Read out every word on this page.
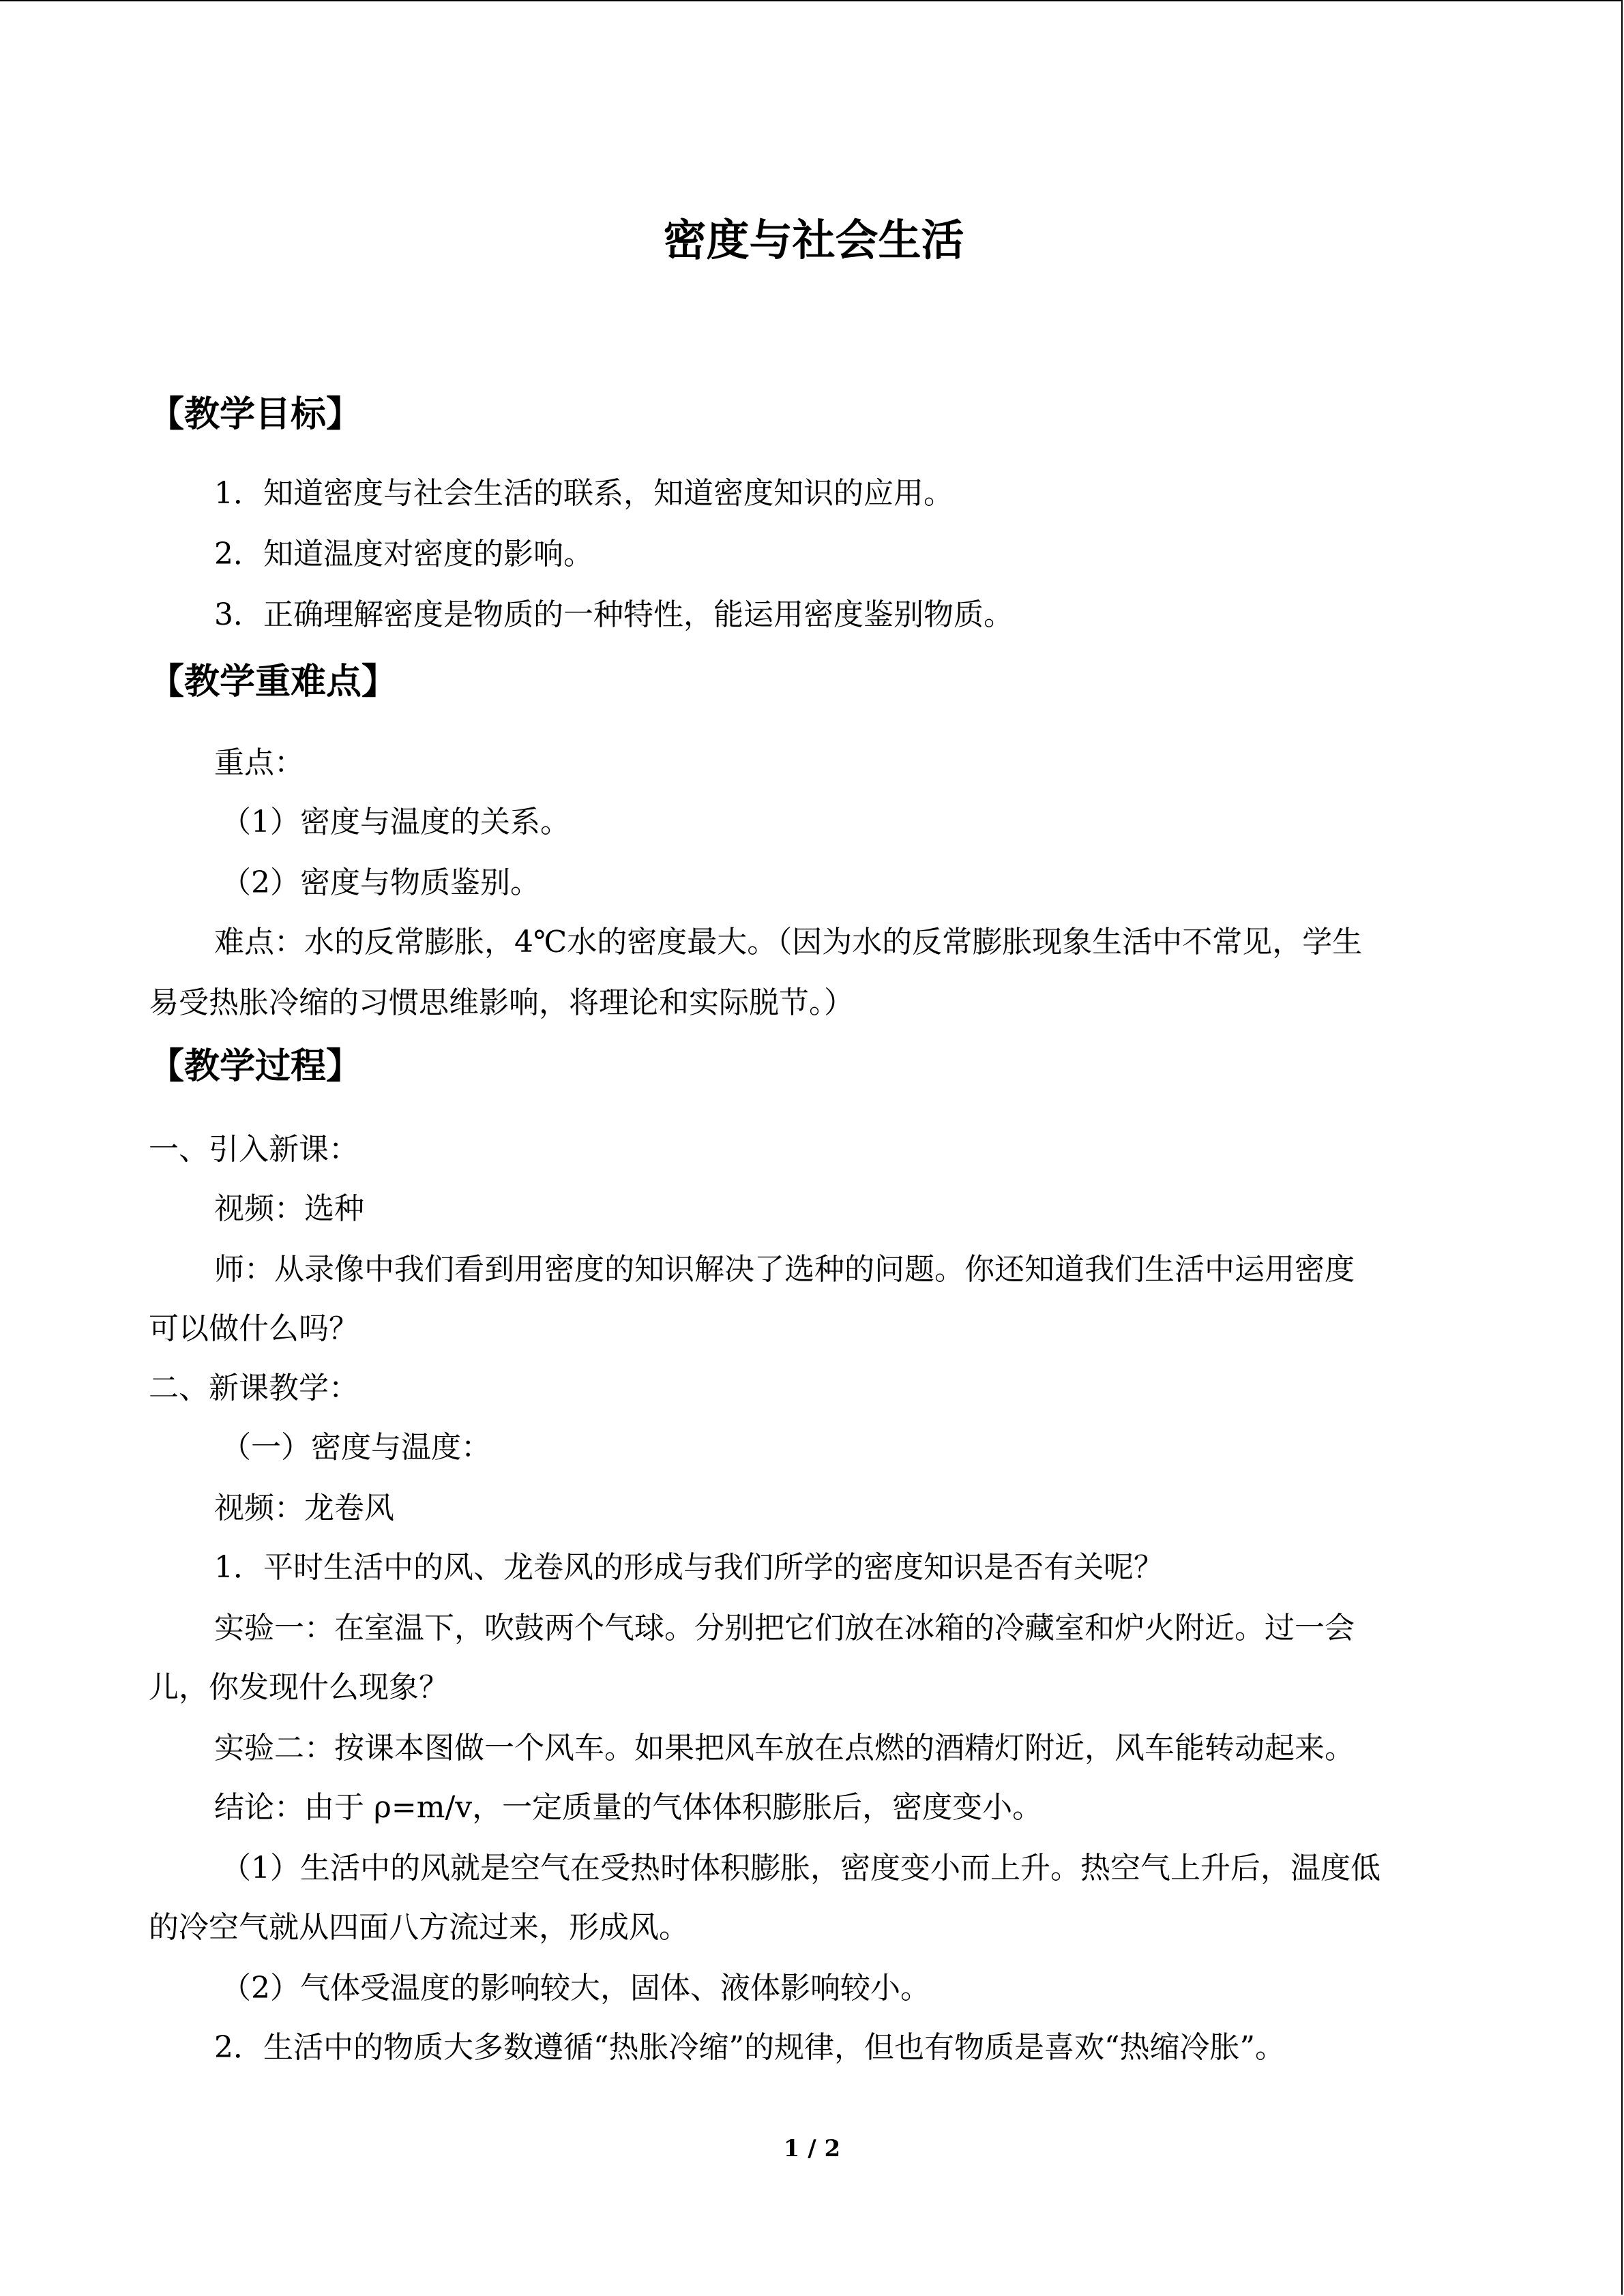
密度与社会生活
【教学目标】
1．知道密度与社会生活的联系，知道密度知识的应用。
2．知道温度对密度的影响。
3．正确理解密度是物质的一种特性，能运用密度鉴别物质。
【教学重难点】
重点：
（1）密度与温度的关系。
（2）密度与物质鉴别。
难点：水的反常膨胀，4℃水的密度最大。（因为水的反常膨胀现象生活中不常见，学生
易受热胀冷缩的习惯思维影响，将理论和实际脱节。）
【教学过程】
一、引入新课：
视频：选种
师：从录像中我们看到用密度的知识解决了选种的问题。你还知道我们生活中运用密度
可以做什么吗？
二、新课教学：
（一）密度与温度：
视频：龙卷风
1．平时生活中的风、龙卷风的形成与我们所学的密度知识是否有关呢？
实验一：在室温下，吹鼓两个气球。分别把它们放在冰箱的冷藏室和炉火附近。过一会
儿，你发现什么现象？
实验二：按课本图做一个风车。如果把风车放在点燃的酒精灯附近，风车能转动起来。
结论：由于 ρ=m/v，一定质量的气体体积膨胀后，密度变小。
（1）生活中的风就是空气在受热时体积膨胀，密度变小而上升。热空气上升后，温度低
的冷空气就从四面八方流过来，形成风。
（2）气体受温度的影响较大，固体、液体影响较小。
2．生活中的物质大多数遵循“热胀冷缩”的规律，但也有物质是喜欢“热缩冷胀”。
1 / 2
